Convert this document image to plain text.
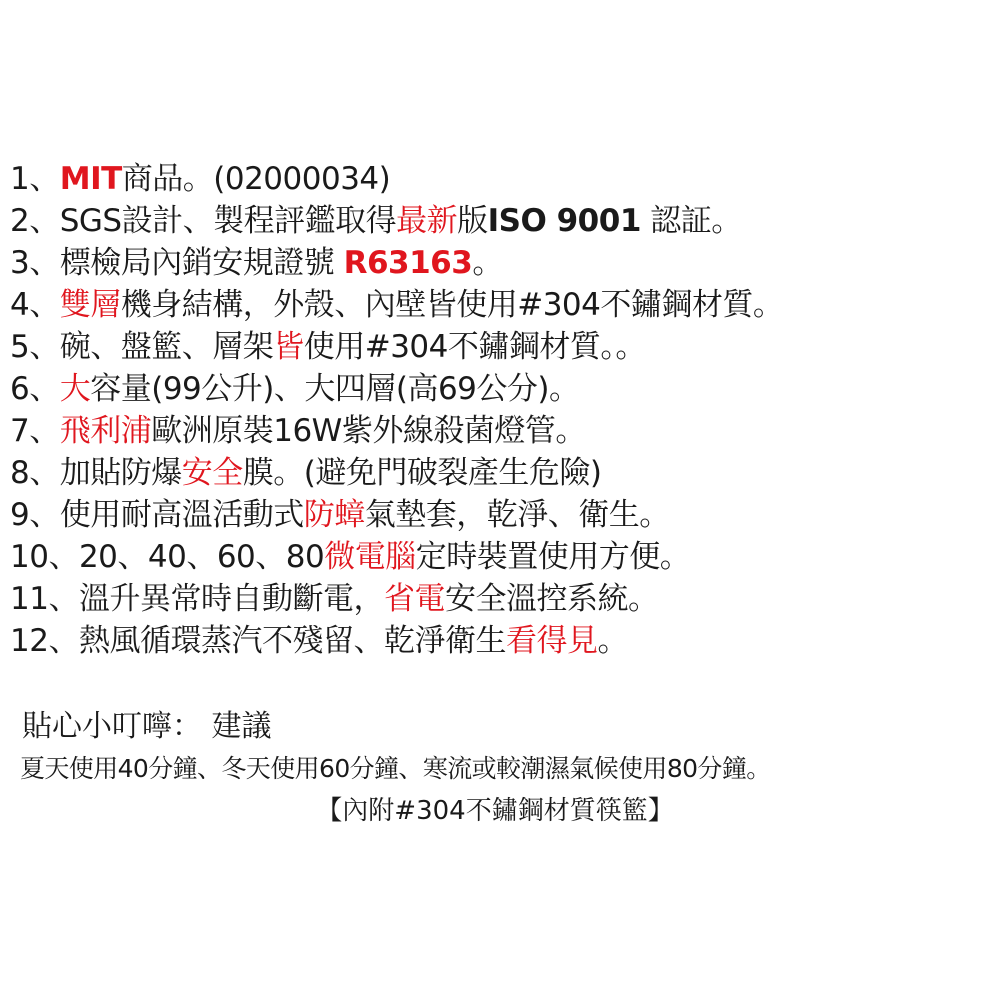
1、MIT商品。(02000034)
2、SGS設計、製程評鑑取得最新版ISO 9001 認証。
3、標檢局內銷安規證號 R63163。
4、雙層機身結構，外殼、內壁皆使用#304不鏽鋼材質。
5、碗、盤籃、層架皆使用#304不鏽鋼材質。。
6、大容量(99公升)、大四層(高69公分)。
7、飛利浦歐洲原裝16W紫外線殺菌燈管。
8、加貼防爆安全膜。(避免門破裂產生危險)
9、使用耐高溫活動式防蟑氣墊套，乾淨、衛生。
10、20、40、60、80微電腦定時裝置使用方便。
11、溫升異常時自動斷電，省電安全溫控系統。
12、熱風循環蒸汽不殘留、乾淨衛生看得見。
貼心小叮嚀： 建議
夏天使用40分鐘、冬天使用60分鐘、寒流或較潮濕氣候使用80分鐘。
【內附#304不鏽鋼材質筷籃】
